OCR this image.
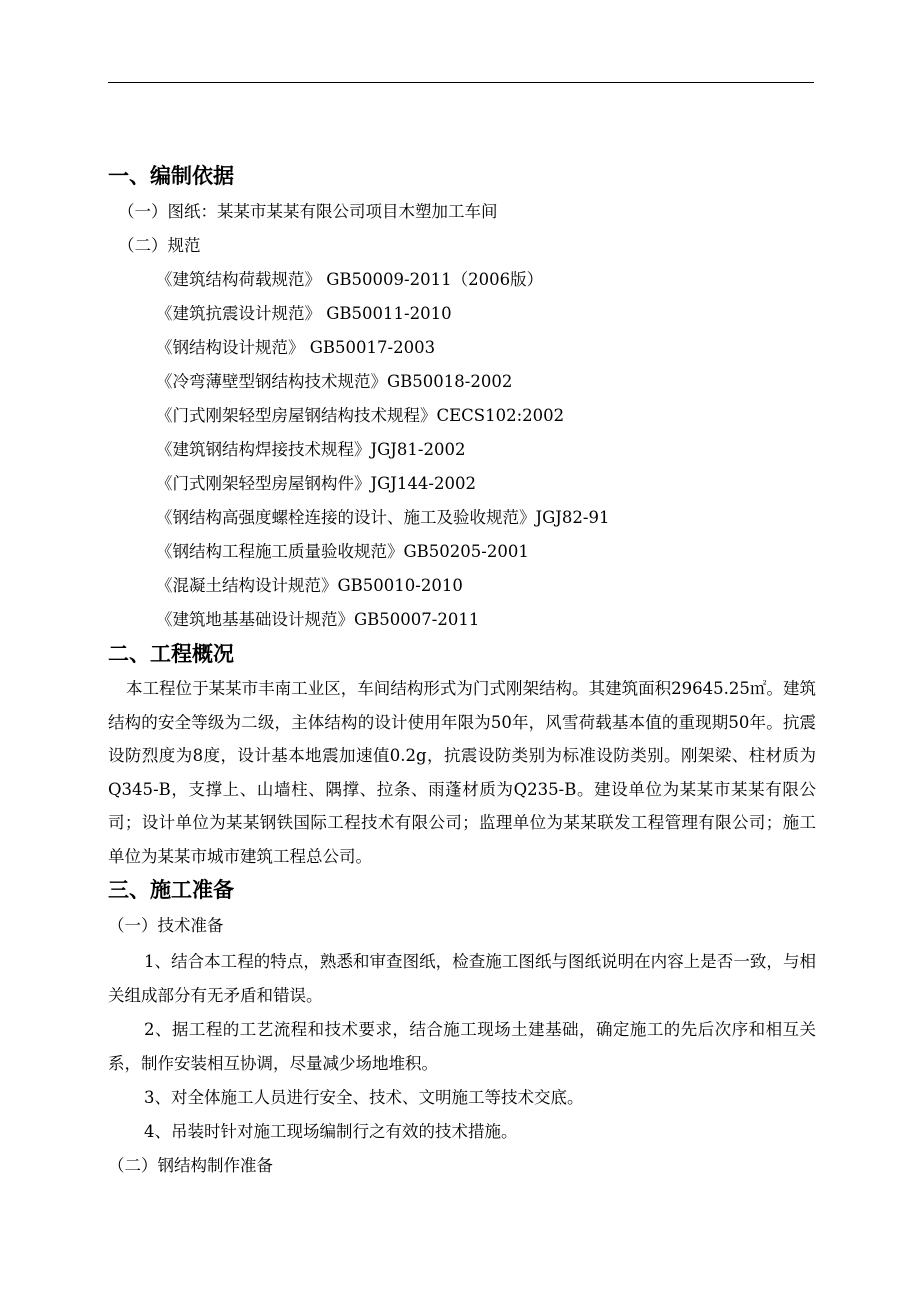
一、编制依据
（一）图纸：某某市某某有限公司项目木塑加工车间
（二）规范
《建筑结构荷载规范》 GB50009-2011（2006版）
《建筑抗震设计规范》 GB50011-2010
《钢结构设计规范》 GB50017-2003
《冷弯薄壁型钢结构技术规范》GB50018-2002
《门式刚架轻型房屋钢结构技术规程》CECS102:2002
《建筑钢结构焊接技术规程》JGJ81-2002
《门式刚架轻型房屋钢构件》JGJ144-2002
《钢结构高强度螺栓连接的设计、施工及验收规范》JGJ82-91
《钢结构工程施工质量验收规范》GB50205-2001
《混凝土结构设计规范》GB50010-2010
《建筑地基基础设计规范》GB50007-2011
二、工程概况
本工程位于某某市丰南工业区，车间结构形式为门式刚架结构。其建筑面积29645.25㎡。建筑结构的安全等级为二级，主体结构的设计使用年限为50年，风雪荷载基本值的重现期50年。抗震设防烈度为8度，设计基本地震加速值0.2g，抗震设防类别为标准设防类别。刚架梁、柱材质为Q345-B，支撑上、山墙柱、隅撑、拉条、雨蓬材质为Q235-B。建设单位为某某市某某有限公司；设计单位为某某钢铁国际工程技术有限公司；监理单位为某某联发工程管理有限公司；施工单位为某某市城市建筑工程总公司。
三、施工准备
（一）技术准备
1、结合本工程的特点，熟悉和审查图纸，检查施工图纸与图纸说明在内容上是否一致，与相关组成部分有无矛盾和错误。
2、据工程的工艺流程和技术要求，结合施工现场土建基础，确定施工的先后次序和相互关系，制作安装相互协调，尽量减少场地堆积。
3、对全体施工人员进行安全、技术、文明施工等技术交底。
4、吊装时针对施工现场编制行之有效的技术措施。
（二）钢结构制作准备
